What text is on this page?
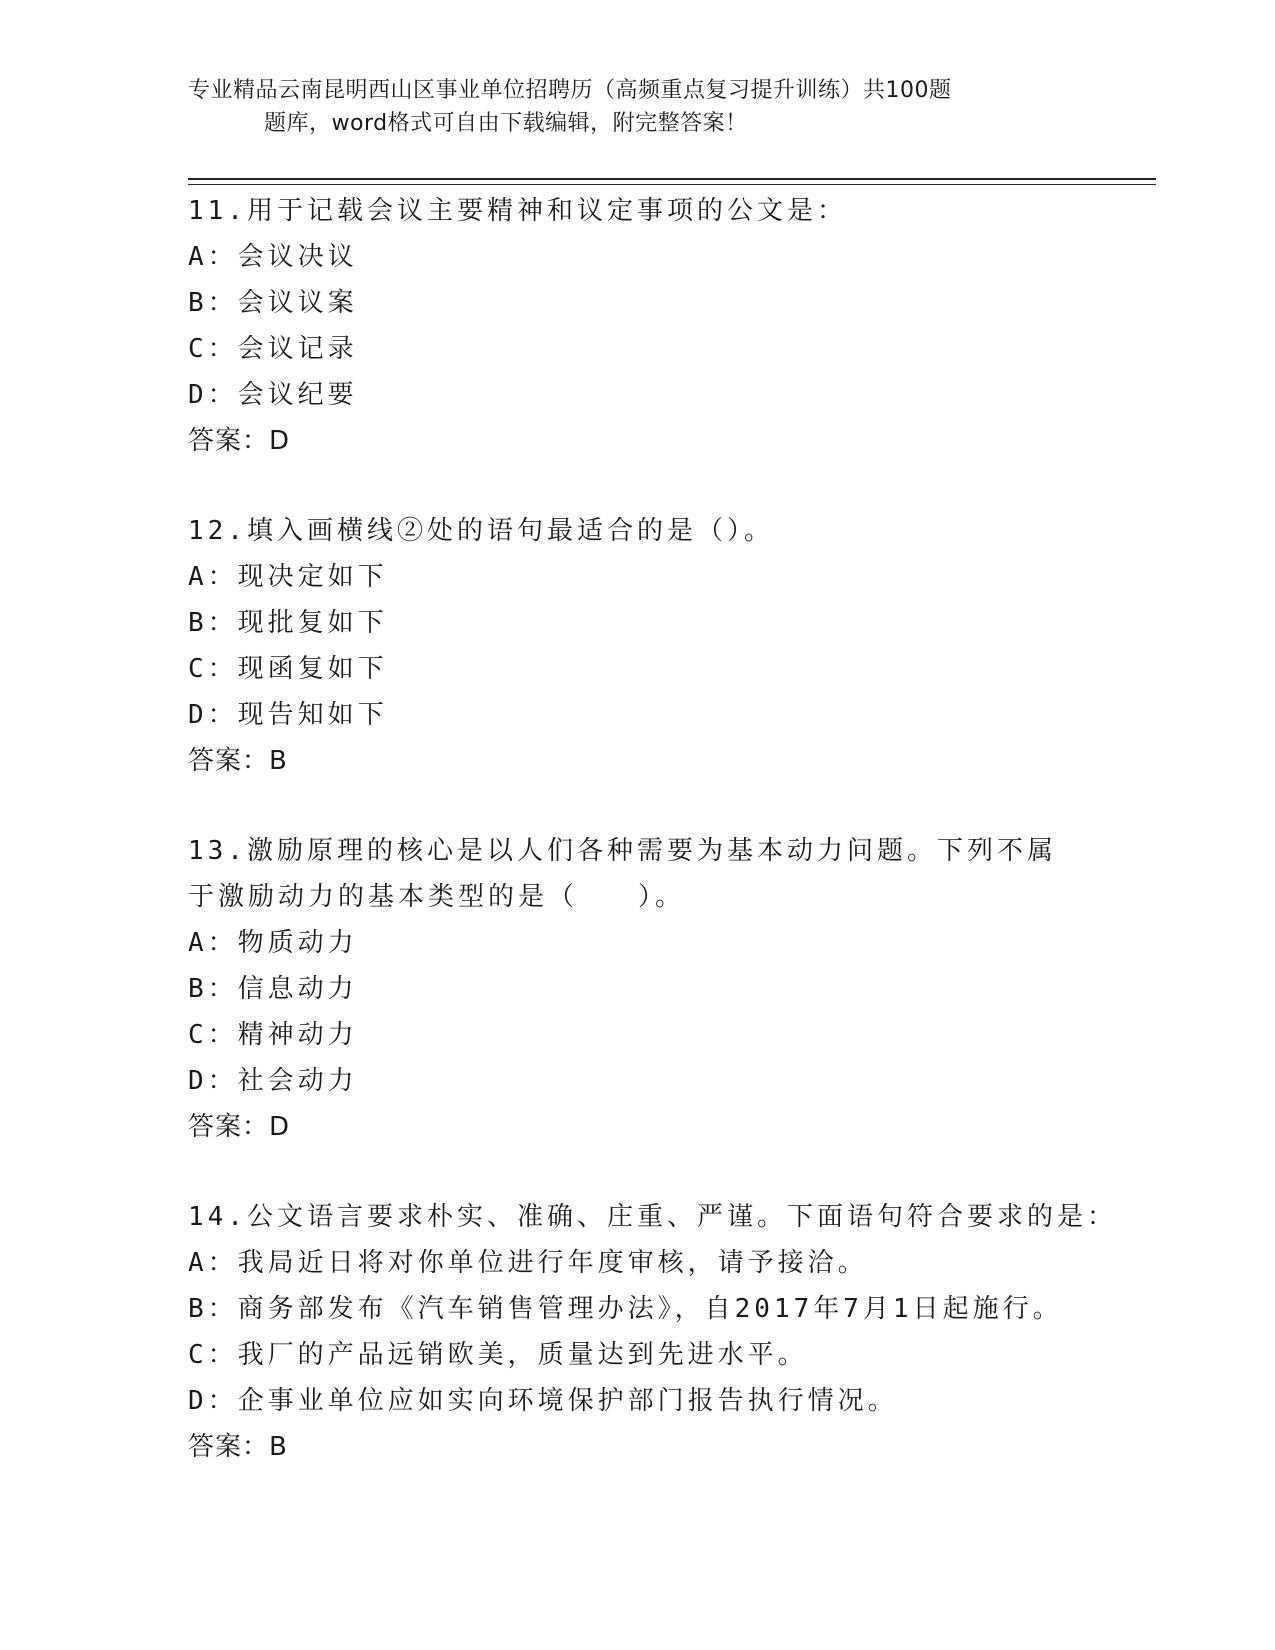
专业精品云南昆明西山区事业单位招聘历（高频重点复习提升训练）共100题
题库，word格式可自由下载编辑，附完整答案！
11.用于记载会议主要精神和议定事项的公文是：
A：会议决议
B：会议议案
C：会议记录
D：会议纪要
答案：D
12.填入画横线②处的语句最适合的是（）。
A：现决定如下
B：现批复如下
C：现函复如下
D：现告知如下
答案：B
13.激励原理的核心是以人们各种需要为基本动力问题。下列不属于激励动力的基本类型的是（　　）。
A：物质动力
B：信息动力
C：精神动力
D：社会动力
答案：D
14.公文语言要求朴实、准确、庄重、严谨。下面语句符合要求的是：
A：我局近日将对你单位进行年度审核，请予接洽。
B：商务部发布《汽车销售管理办法》，自2017年7月1日起施行。
C：我厂的产品远销欧美，质量达到先进水平。
D：企事业单位应如实向环境保护部门报告执行情况。
答案：B
